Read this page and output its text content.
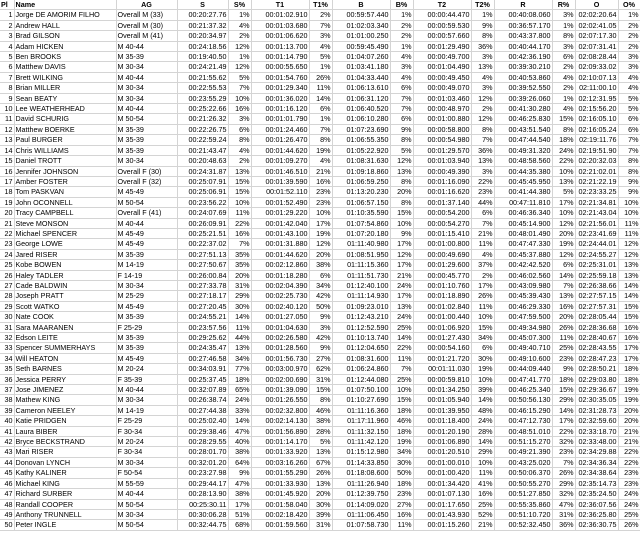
Pl	Name	AG	S	S%	T1	T1%	B	B%	T2	T2%	R	R%	O	O%
1	Jorge DE AMORIM FILHO	Overall M (33)	00:20:27.76	1%	00:01:02.910	2%	00:59:57.440	1%	00:00:44.470	1%	00:40:08.060	3%	02:02:20.64	1%
2	Andrew HALL	Overall M (30)	00:21:37.32	4%	00:01:03.680	7%	01:02:03.340	2%	00:00:59.530	9%	00:36:57.170	1%	02:02:41.05	2%
3	Brad GILSON	Overall M (41)	00:20:34.97	2%	00:01:06.620	3%	01:01:00.250	2%	00:00:57.660	8%	00:43:37.800	8%	02:07:17.30	2%
4	Adam HICKEN	M 40-44	00:24:18.56	12%	00:01:13.700	4%	00:59:45.490	1%	00:01:29.490	36%	00:40:44.170	3%	02:07:31.41	2%
5	Ben BROOKS	M 35-39	00:19:40.50	1%	00:01:14.790	5%	01:04:07.260	4%	00:00:49.700	3%	00:42:36.190	6%	02:08:28.44	3%
6	Matthew DAVIS	M 30-34	00:24:21.49	12%	00:00:55.650	1%	01:03:41.180	3%	00:01:04.490	13%	00:39:30.210	2%	02:09:33.02	3%
7	Brett WILKING	M 40-44	00:21:55.62	5%	00:01:54.760	26%	01:04:33.440	4%	00:00:49.450	4%	00:40:53.860	4%	02:10:07.13	4%
8	Brian MILLER	M 30-34	00:22:55.53	7%	00:01:29.340	11%	01:06:13.610	6%	00:00:49.070	3%	00:39:52.550	2%	02:11:00.10	4%
9	Sean BEATY	M 30-34	00:23:55.29	10%	00:01:36.020	14%	01:06:31.120	7%	00:01:03.460	12%	00:39:26.060	1%	02:12:31.95	5%
10	Lee WEATHERHEAD	M 40-44	00:25:22.66	16%	00:01:16.120	6%	01:06:40.520	7%	00:00:48.970	2%	00:41:30.280	4%	02:15:56.20	5%
11	David SCHURIG	M 50-54	00:21:26.32	3%	00:01:01.790	1%	01:06:10.280	6%	00:01:00.880	12%	00:46:25.830	15%	02:16:05.10	6%
12	Matthew BOERKE	M 35-39	00:22:26.75	6%	00:01:24.460	7%	01:07:23.690	9%	00:00:58.800	8%	00:43:51.540	8%	02:16:05.24	6%
13	Paul BURGER	M 35-39	00:22:59.24	8%	00:01:26.470	8%	01:06:55.350	8%	00:00:54.980	7%	00:47:44.540	18%	02:19:11.76	7%
14	Chris WILLIAMS	M 35-39	00:21:43.47	4%	00:01:44.620	19%	01:05:22.920	5%	00:01:29.570	36%	00:49:31.320	24%	02:19:51.90	7%
15	Daniel TROTT	M 30-34	00:20:48.63	2%	00:01:09.270	4%	01:08:31.630	12%	00:01:03.940	13%	00:48:58.560	22%	02:20:32.03	8%
16	Jennifer JOHNSON	Overall F (30)	00:24:31.87	13%	00:01:46.510	21%	01:09:18.860	13%	00:00:49.390	3%	00:44:35.380	10%	02:21:02.01	8%
17	Amber FOSTER	Overall F (32)	00:25:07.91	15%	00:01:39.590	16%	01:06:59.250	8%	00:01:16.090	22%	00:45:45.950	13%	02:21:22.19	9%
18	Tom PASKVAN	M 45-49	00:25:06.91	15%	00:01:52.110	23%	01:13:20.230	20%	00:01:16.620	23%	00:41:44.380	5%	02:23:33.25	9%
19	John OCONNELL	M 50-54	00:23:56.22	10%	00:01:52.490	23%	01:06:57.150	8%	00:01:37.140	44%	00:47:11.810	17%	02:21:34.81	10%
20	Tracy CAMPBELL	Overall F (41)	00:24:07.69	11%	00:01:29.220	10%	01:10:35.590	15%	00:00:54.200	6%	00:46:36.340	10%	02:21:43.04	10%
21	Steve MONSON	M 40-44	00:26:09.91	22%	00:01:42.040	17%	01:07:54.860	10%	00:00:54.270	7%	00:45:14.900	12%	02:21:56.01	11%
22	Michael SPENCER	M 45-49	00:25:21.51	16%	00:01:43.100	19%	01:07:20.180	9%	00:01:15.410	21%	00:48:01.490	20%	02:23:41.69	11%
23	George LOWE	M 45-49	00:22:37.02	7%	00:01:31.880	12%	01:11:40.980	17%	00:01:00.800	11%	00:47:47.330	19%	02:24:44.01	12%
24	Jared RISER	M 35-39	00:27:51.13	35%	00:01:44.620	20%	01:08:51.950	12%	00:00:49.690	4%	00:45:37.880	12%	02:24:55.27	12%
25	Kobe BOWEN	M 14-19	00:27:50.67	35%	00:02:12.860	38%	01:11:15.360	17%	00:01:29.600	37%	00:42:42.520	6%	02:25:31.01	13%
26	Haley TADLER	F 14-19	00:26:00.84	20%	00:01:18.280	6%	01:11:51.730	21%	00:00:45.770	2%	00:46:02.560	14%	02:25:59.18	13%
27	Cade BALDWIN	M 30-34	00:27:33.78	31%	00:02:04.390	34%	01:12:40.100	24%	00:01:10.760	17%	00:43:09.980	7%	02:26:38.66	14%
28	Joseph PRATT	M 25-29	00:27:18.17	29%	00:02:25.730	42%	01:11:14.930	17%	00:01:18.890	26%	00:45:39.430	13%	02:27:57.15	14%
29	Scott WATKO	M 45-49	00:27:20.45	30%	00:02:40.120	50%	01:09:23.010	13%	00:01:02.840	11%	00:46:29.330	16%	02:27:57.31	15%
30	Nate COOK	M 35-39	00:24:55.21	14%	00:01:27.050	9%	01:12:43.210	24%	00:01:00.440	10%	00:47:59.500	20%	02:28:05.44	15%
31	Sara MAARANEN	F 25-29	00:23:57.56	11%	00:01:04.630	3%	01:12:52.590	25%	00:01:06.920	15%	00:49:34.980	26%	02:28:36.68	16%
32	Edson LEITE	M 35-39	00:29:25.62	44%	00:02:26.580	42%	01:10:13.740	14%	00:01:27.430	34%	00:45:07.300	11%	02:28:40.67	16%
33	Spencer SUMMERHAYS	M 35-39	00:24:35.47	13%	00:01:28.560	9%	01:12:04.650	22%	00:00:54.160	6%	00:49:40.710	25%	02:28:43.55	17%
34	Will HEATON	M 45-49	00:27:46.58	34%	00:01:56.730	27%	01:08:31.600	11%	00:01:21.720	30%	00:49:10.600	23%	02:28:47.23	17%
35	Seth BARNES	M 20-24	00:34:03.91	77%	00:03:00.970	62%	01:06:24.860	7%	00:01:11.030	19%	00:44:09.440	9%	02:28:50.21	18%
36	Jessica PERRY	F 35-39	00:25:37.45	18%	00:02:00.690	31%	01:12:44.080	25%	00:00:59.810	10%	00:47:41.770	18%	02:29:03.80	18%
37	Jose JIMENEZ	M 40-44	00:32:07.89	65%	00:01:39.090	15%	01:07:50.100	10%	00:01:34.250	39%	00:46:25.340	15%	02:29:36.67	19%
38	Mathew KING	M 30-34	00:26:38.74	24%	00:01:26.550	8%	01:10:27.690	15%	00:01:05.940	14%	00:50:56.130	29%	02:30:35.05	19%
39	Cameron NEELEY	M 14-19	00:27:44.38	33%	00:02:32.800	46%	01:11:16.360	18%	00:01:39.950	48%	00:46:15.290	14%	02:31:28.73	20%
40	Katie PRIDGEN	F 25-29	00:25:02.40	14%	00:02:14.130	38%	01:17:11.960	46%	00:01:18.400	24%	00:47:12.730	17%	02:32:59.60	20%
41	Laura BIBER	F 30-34	00:29:38.46	47%	00:01:56.890	28%	01:11:32.150	18%	00:01:20.190	28%	00:48:51.010	22%	02:33:18.70	21%
42	Bryce BECKSTRAND	M 20-24	00:28:29.55	40%	00:01:14.170	5%	01:11:42.120	19%	00:01:06.890	14%	00:51:15.270	32%	02:33:48.00	21%
43	Mari RISER	F 30-34	00:28:01.70	38%	00:01:33.920	13%	01:15:12.980	34%	00:01:20.510	29%	00:49:21.390	23%	02:34:29.88	22%
44	Donovan LYNCH	M 30-34	00:32:01.20	64%	00:03:16.260	67%	01:14:33.850	30%	00:01:00.010	10%	00:43:25.020	7%	02:34:36.34	22%
45	Kathy KALINER	F 50-54	00:23:27.98	9%	00:01:55.290	26%	01:18:08.600	50%	00:01:00.420	11%	00:50:06.370	26%	02:34:38.64	23%
46	Michael KING	M 55-59	00:29:44.17	47%	00:01:33.930	13%	01:11:26.940	18%	00:01:34.420	41%	00:50:55.270	29%	02:35:14.73	23%
47	Richard SURBER	M 40-44	00:28:13.90	38%	00:01:45.920	20%	01:12:39.750	23%	00:01:07.130	16%	00:51:27.850	32%	02:35:24.50	24%
48	Randall COOPER	M 50-54	00:25:30.11	17%	00:01:58.040	30%	01:14:09.020	27%	00:01:17.650	25%	00:55:35.860	47%	02:36:07.56	24%
49	Anthony TRUNNELL	M 30-34	00:30:06.28	51%	00:02:18.420	39%	01:11:06.450	16%	00:01:43.930	52%	00:51:10.720	31%	02:36:25.80	25%
50	Peter INGLE	M 50-54	00:32:44.75	68%	00:01:59.560	31%	01:07:58.730	11%	00:01:15.260	21%	00:52:32.450	36%	02:36:30.75	26%
